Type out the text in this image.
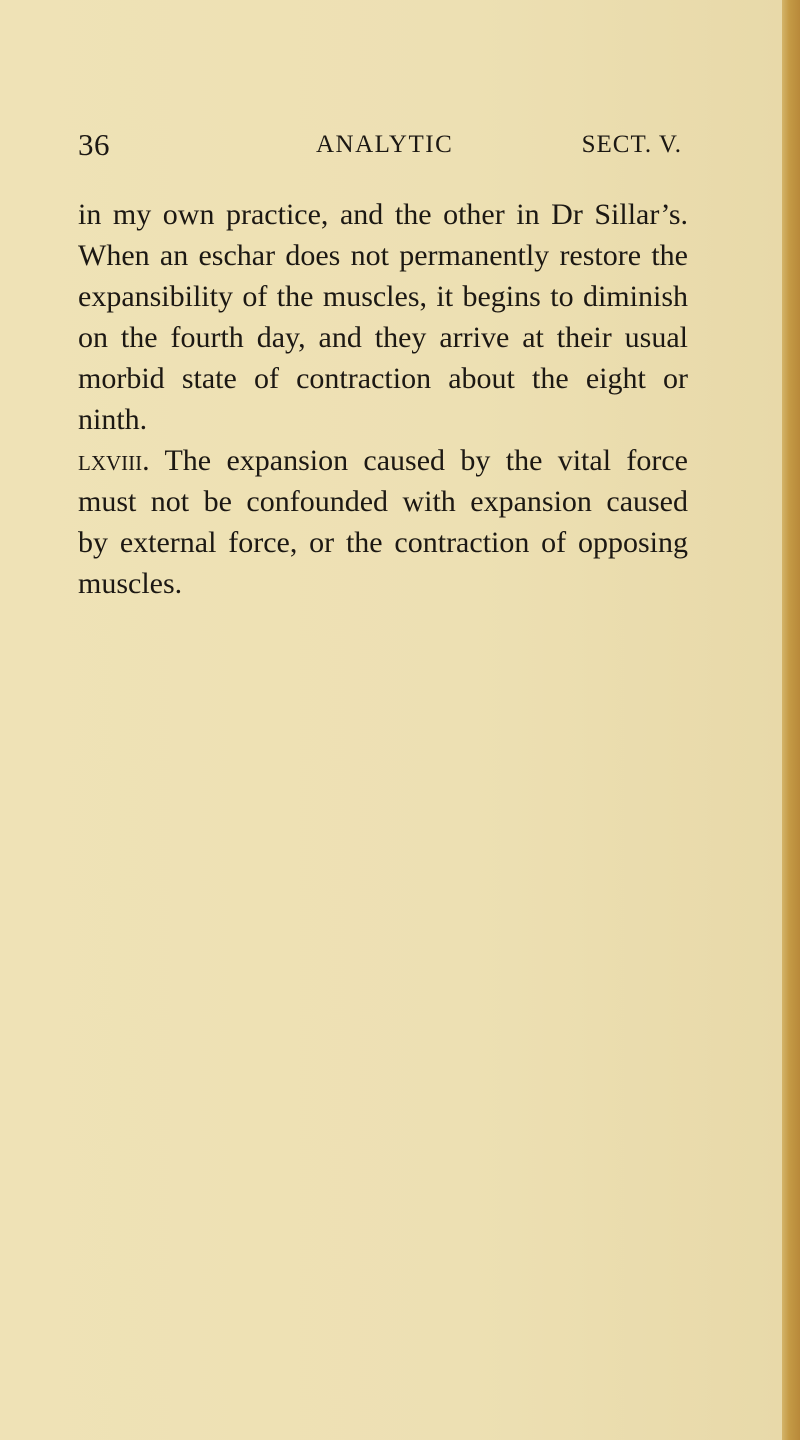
36	ANALYTIC	SECT. V.
in my own practice, and the other in Dr Sillar’s.
When an eschar does not permanently restore the
expansibility of the muscles, it begins to diminish
on the fourth day, and they arrive at their usual
morbid state of contraction about the eight or
ninth.
lxviii. The expansion caused by the vital force
must not be confounded with expansion caused
by external force, or the contraction of opposing
muscles.
